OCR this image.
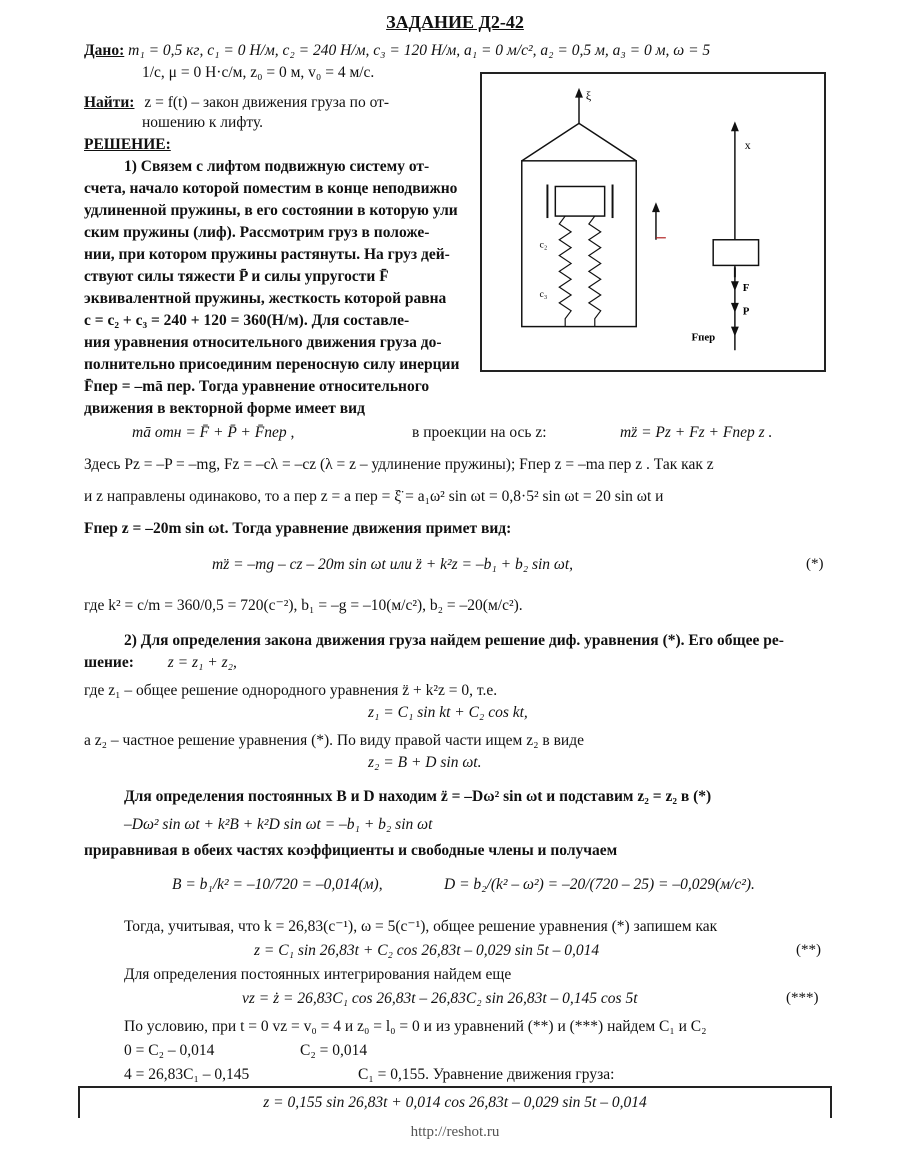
ЗАДАНИЕ Д2-42
Дано: m₁ = 0,5 кг, c₁ = 0 Н/м, c₂ = 240 Н/м, c₃ = 120 Н/м, a₁ = 0 м/с², a₂ = 0,5 м, a₃ = 0 м, ω = 5
1/с, μ = 0 Н·с/м, z₀ = 0 м, v₀ = 4 м/с.
Найти: z = f(t) – закон движения груза по от-
ношению к лифту.
РЕШЕНИЕ:
1) Связем с лифтом подвижную систему от-
счета, начало которой поместим в конце неподвижно
удлиненной пружины, в его состоянии в которую ули
ским пружины (лиф). Рассмотрим груз в положе-
нии, при котором пружины растянуты. На груз дей-
ствуют силы тяжести P̄ и силы упругости F̄
эквивалентной пружины, жесткость которой равна
c = c₂ + c₃ = 240 + 120 = 360(Н/м). Для составле-
ния уравнения относительного движения груза до-
полнительно присоединим переносную силу инерции
F̄пер = –mā пер. Тогда уравнение относительного
движения в векторной форме имеет вид
ξ
c₂
c₃
x
F
P
Fпер
mā отн = F̄ + P̄ + F̄пер ,	в проекции на ось z:	mz̈ = Pz + Fz + Fпер z .
Здесь Pz = –P = –mg, Fz = –cλ = –cz (λ = z – удлинение пружины); Fпер z = –ma пер z . Так как z
и z направлены одинаково, то a пер z = a пер = ξ̈ = a₁ω² sin ωt = 0,8·5² sin ωt = 20 sin ωt и
Fпер z = –20m sin ωt. Тогда уравнение движения примет вид:
mz̈ = –mg – cz – 20m sin ωt или z̈ + k²z = –b₁ + b₂ sin ωt,	(*)
где k² = c/m = 360/0,5 = 720(с⁻²), b₁ = –g = –10(м/с²), b₂ = –20(м/с²).
2) Для определения закона движения груза найдем решение диф. уравнения (*). Его общее ре-
шение: z = z₁ + z₂,
где z₁ – общее решение однородного уравнения z̈ + k²z = 0, т.е.
z₁ = C₁ sin kt + C₂ cos kt,
а z₂ – частное решение уравнения (*). По виду правой части ищем z₂ в виде
z₂ = B + D sin ωt.
Для определения постоянных B и D находим z̈ = –Dω² sin ωt и подставим z₂ = z₂ в (*)
–Dω² sin ωt + k²B + k²D sin ωt = –b₁ + b₂ sin ωt
приравнивая в обеих частях коэффициенты и свободные члены и получаем
B = b₁/k² = –10/720 = –0,014(м),	D = b₂/(k² – ω²) = –20/(720 – 25) = –0,029(м/с²).
Тогда, учитывая, что k = 26,83(с⁻¹), ω = 5(с⁻¹), общее решение уравнения (*) запишем как
z = C₁ sin 26,83t + C₂ cos 26,83t – 0,029 sin 5t – 0,014	(**)
Для определения постоянных интегрирования найдем еще
vz = ż = 26,83C₁ cos 26,83t – 26,83C₂ sin 26,83t – 0,145 cos 5t	(***)
По условию, при t = 0 vz = v₀ = 4 и z₀ = l₀ = 0 и из уравнений (**) и (***) найдем C₁ и C₂
0 = C₂ – 0,014	C₂ = 0,014
4 = 26,83C₁ – 0,145	C₁ = 0,155. Уравнение движения груза:
z = 0,155 sin 26,83t + 0,014 cos 26,83t – 0,029 sin 5t – 0,014
http://reshot.ru
